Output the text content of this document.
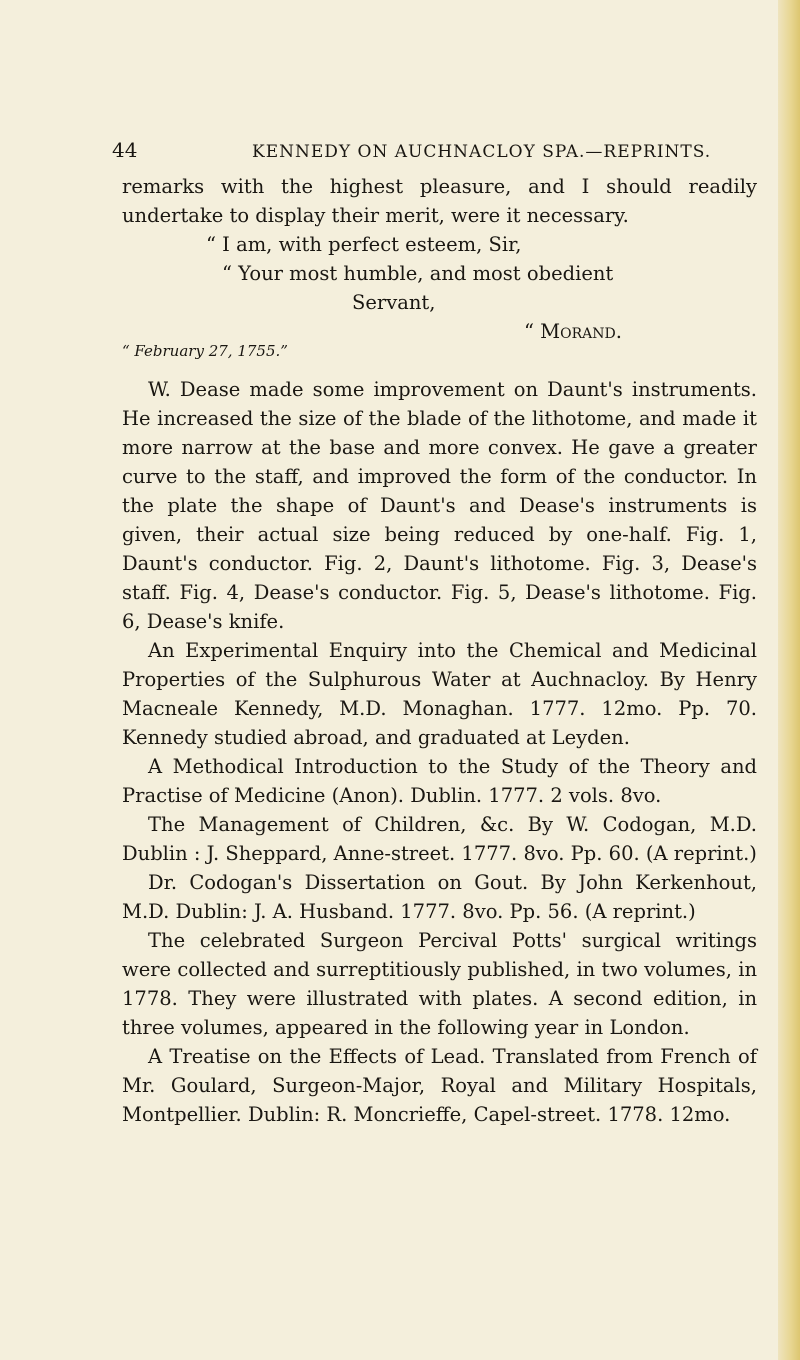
44	KENNEDY ON AUCHNACLOY SPA.—REPRINTS.

remarks with the highest pleasure, and I should readily undertake to display their merit, were it necessary.

“ I am, with perfect esteem, Sir,
“ Your most humble, and most obedient
Servant,
“ Morand.
“ February 27, 1755.”

W. Dease made some improvement on Daunt's instruments. He increased the size of the blade of the lithotome, and made it more narrow at the base and more convex. He gave a greater curve to the staff, and improved the form of the conductor. In the plate the shape of Daunt's and Dease's instruments is given, their actual size being reduced by one-half. Fig. 1, Daunt's conductor. Fig. 2, Daunt's lithotome. Fig. 3, Dease's staff. Fig. 4, Dease's conductor. Fig. 5, Dease's lithotome. Fig. 6, Dease's knife.

An Experimental Enquiry into the Chemical and Medicinal Properties of the Sulphurous Water at Auchnacloy. By Henry Macneale Kennedy, M.D. Monaghan. 1777. 12mo. Pp. 70. Kennedy studied abroad, and graduated at Leyden.

A Methodical Introduction to the Study of the Theory and Practise of Medicine (Anon). Dublin. 1777. 2 vols. 8vo.

The Management of Children, &c. By W. Codogan, M.D. Dublin : J. Sheppard, Anne-street. 1777. 8vo. Pp. 60. (A reprint.)

Dr. Codogan's Dissertation on Gout. By John Kerkenhout, M.D. Dublin: J. A. Husband. 1777. 8vo. Pp. 56. (A reprint.)

The celebrated Surgeon Percival Potts' surgical writings were collected and surreptitiously published, in two volumes, in 1778. They were illustrated with plates. A second edition, in three volumes, appeared in the following year in London.

A Treatise on the Effects of Lead. Translated from French of Mr. Goulard, Surgeon-Major, Royal and Military Hospitals, Montpellier. Dublin: R. Moncrieffe, Capel-street. 1778. 12mo.
